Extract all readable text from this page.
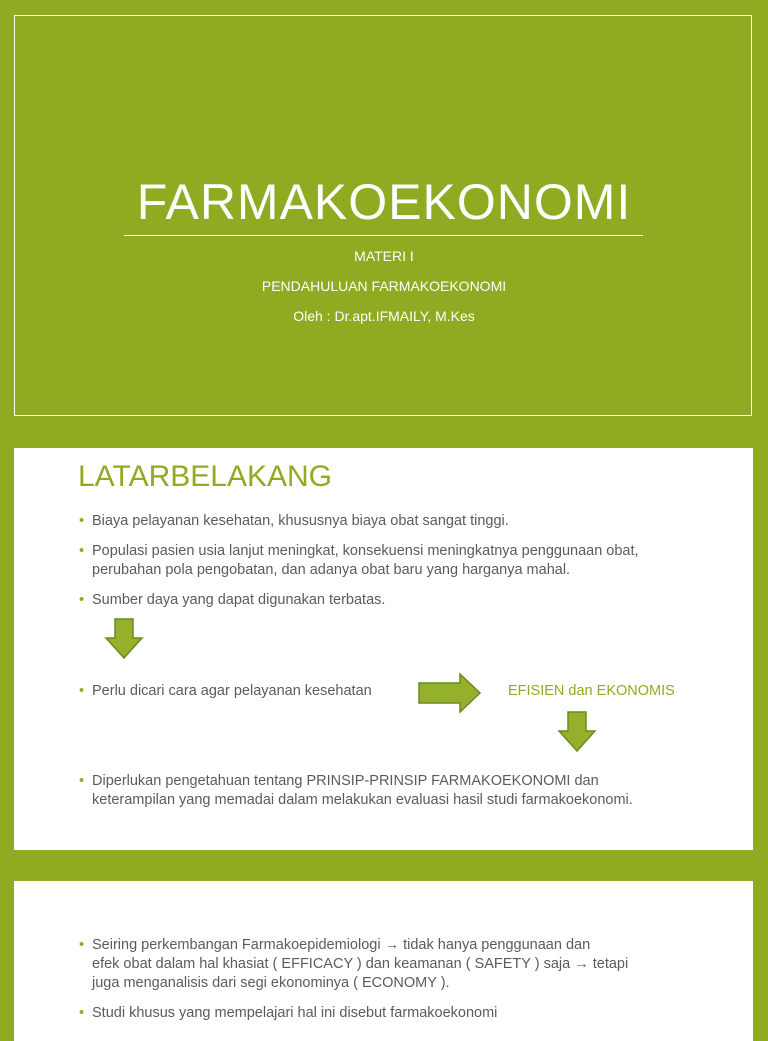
FARMAKOEKONOMI
MATERI I
PENDAHULUAN FARMAKOEKONOMI
Oleh : Dr.apt.IFMAILY, M.Kes
LATARBELAKANG
• Biaya pelayanan kesehatan, khususnya biaya obat sangat tinggi.
• Populasi pasien usia lanjut meningkat, konsekuensi meningkatnya penggunaan obat,
perubahan pola pengobatan, dan adanya obat baru yang harganya mahal.
• Sumber daya yang dapat digunakan terbatas.
• Perlu dicari cara agar pelayanan kesehatan	EFISIEN dan EKONOMIS
• Diperlukan pengetahuan tentang PRINSIP-PRINSIP FARMAKOEKONOMI dan
keterampilan yang memadai dalam melakukan evaluasi hasil studi farmakoekonomi.
• Seiring perkembangan Farmakoepidemiologi → tidak hanya penggunaan dan
efek obat dalam hal khasiat ( EFFICACY ) dan keamanan ( SAFETY ) saja → tetapi
juga menganalisis dari segi ekonominya ( ECONOMY ).
• Studi khusus yang mempelajari hal ini disebut farmakoekonomi
